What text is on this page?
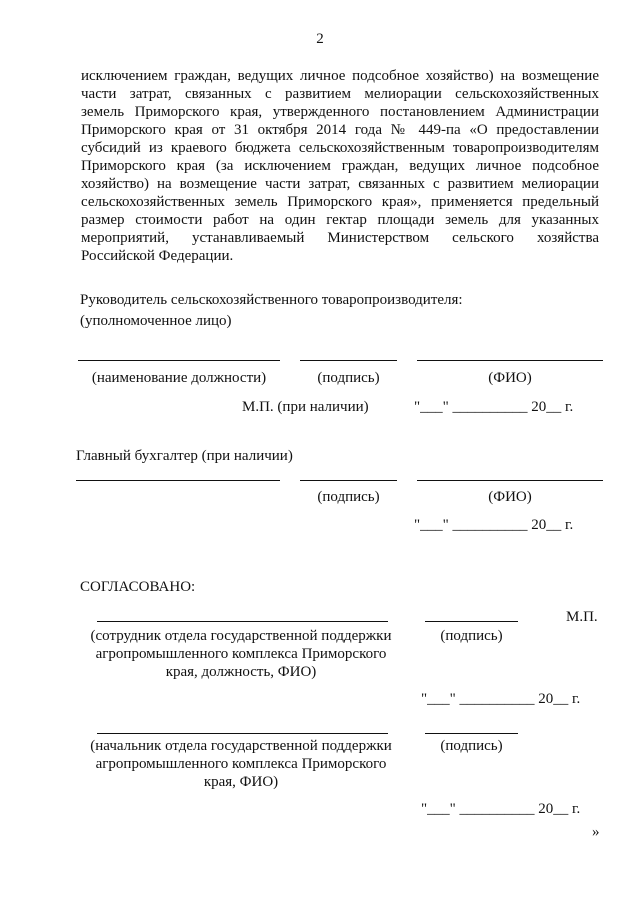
2
исключением граждан, ведущих личное подсобное хозяйство) на возмещение
части затрат, связанных с развитием мелиорации сельскохозяйственных
земель Приморского края, утвержденного постановлением Администрации
Приморского края от 31 октября 2014 года № 449-па «О предоставлении
субсидий из краевого бюджета сельскохозяйственным товаропроизводителям
Приморского края (за исключением граждан, ведущих личное подсобное
хозяйство) на возмещение части затрат, связанных с развитием мелиорации
сельскохозяйственных земель Приморского края», применяется предельный
размер стоимости работ на один гектар площади земель для указанных
мероприятий, устанавливаемый Министерством сельского хозяйства
Российской Федерации.
Руководитель сельскохозяйственного товаропроизводителя:
(уполномоченное лицо)
(наименование должности)	(подпись)	(ФИО)
М.П. (при наличии)	"___" __________ 20__ г.
Главный бухгалтер (при наличии)
(подпись)	(ФИО)
"___" __________ 20__ г.
СОГЛАСОВАНО:
М.П.
(сотрудник отдела государственной поддержки
агропромышленного комплекса Приморского
края, должность, ФИО)
(подпись)
"___" __________ 20__ г.
(начальник отдела государственной поддержки
агропромышленного комплекса Приморского
края, ФИО)
(подпись)
"___" __________ 20__ г.
»
